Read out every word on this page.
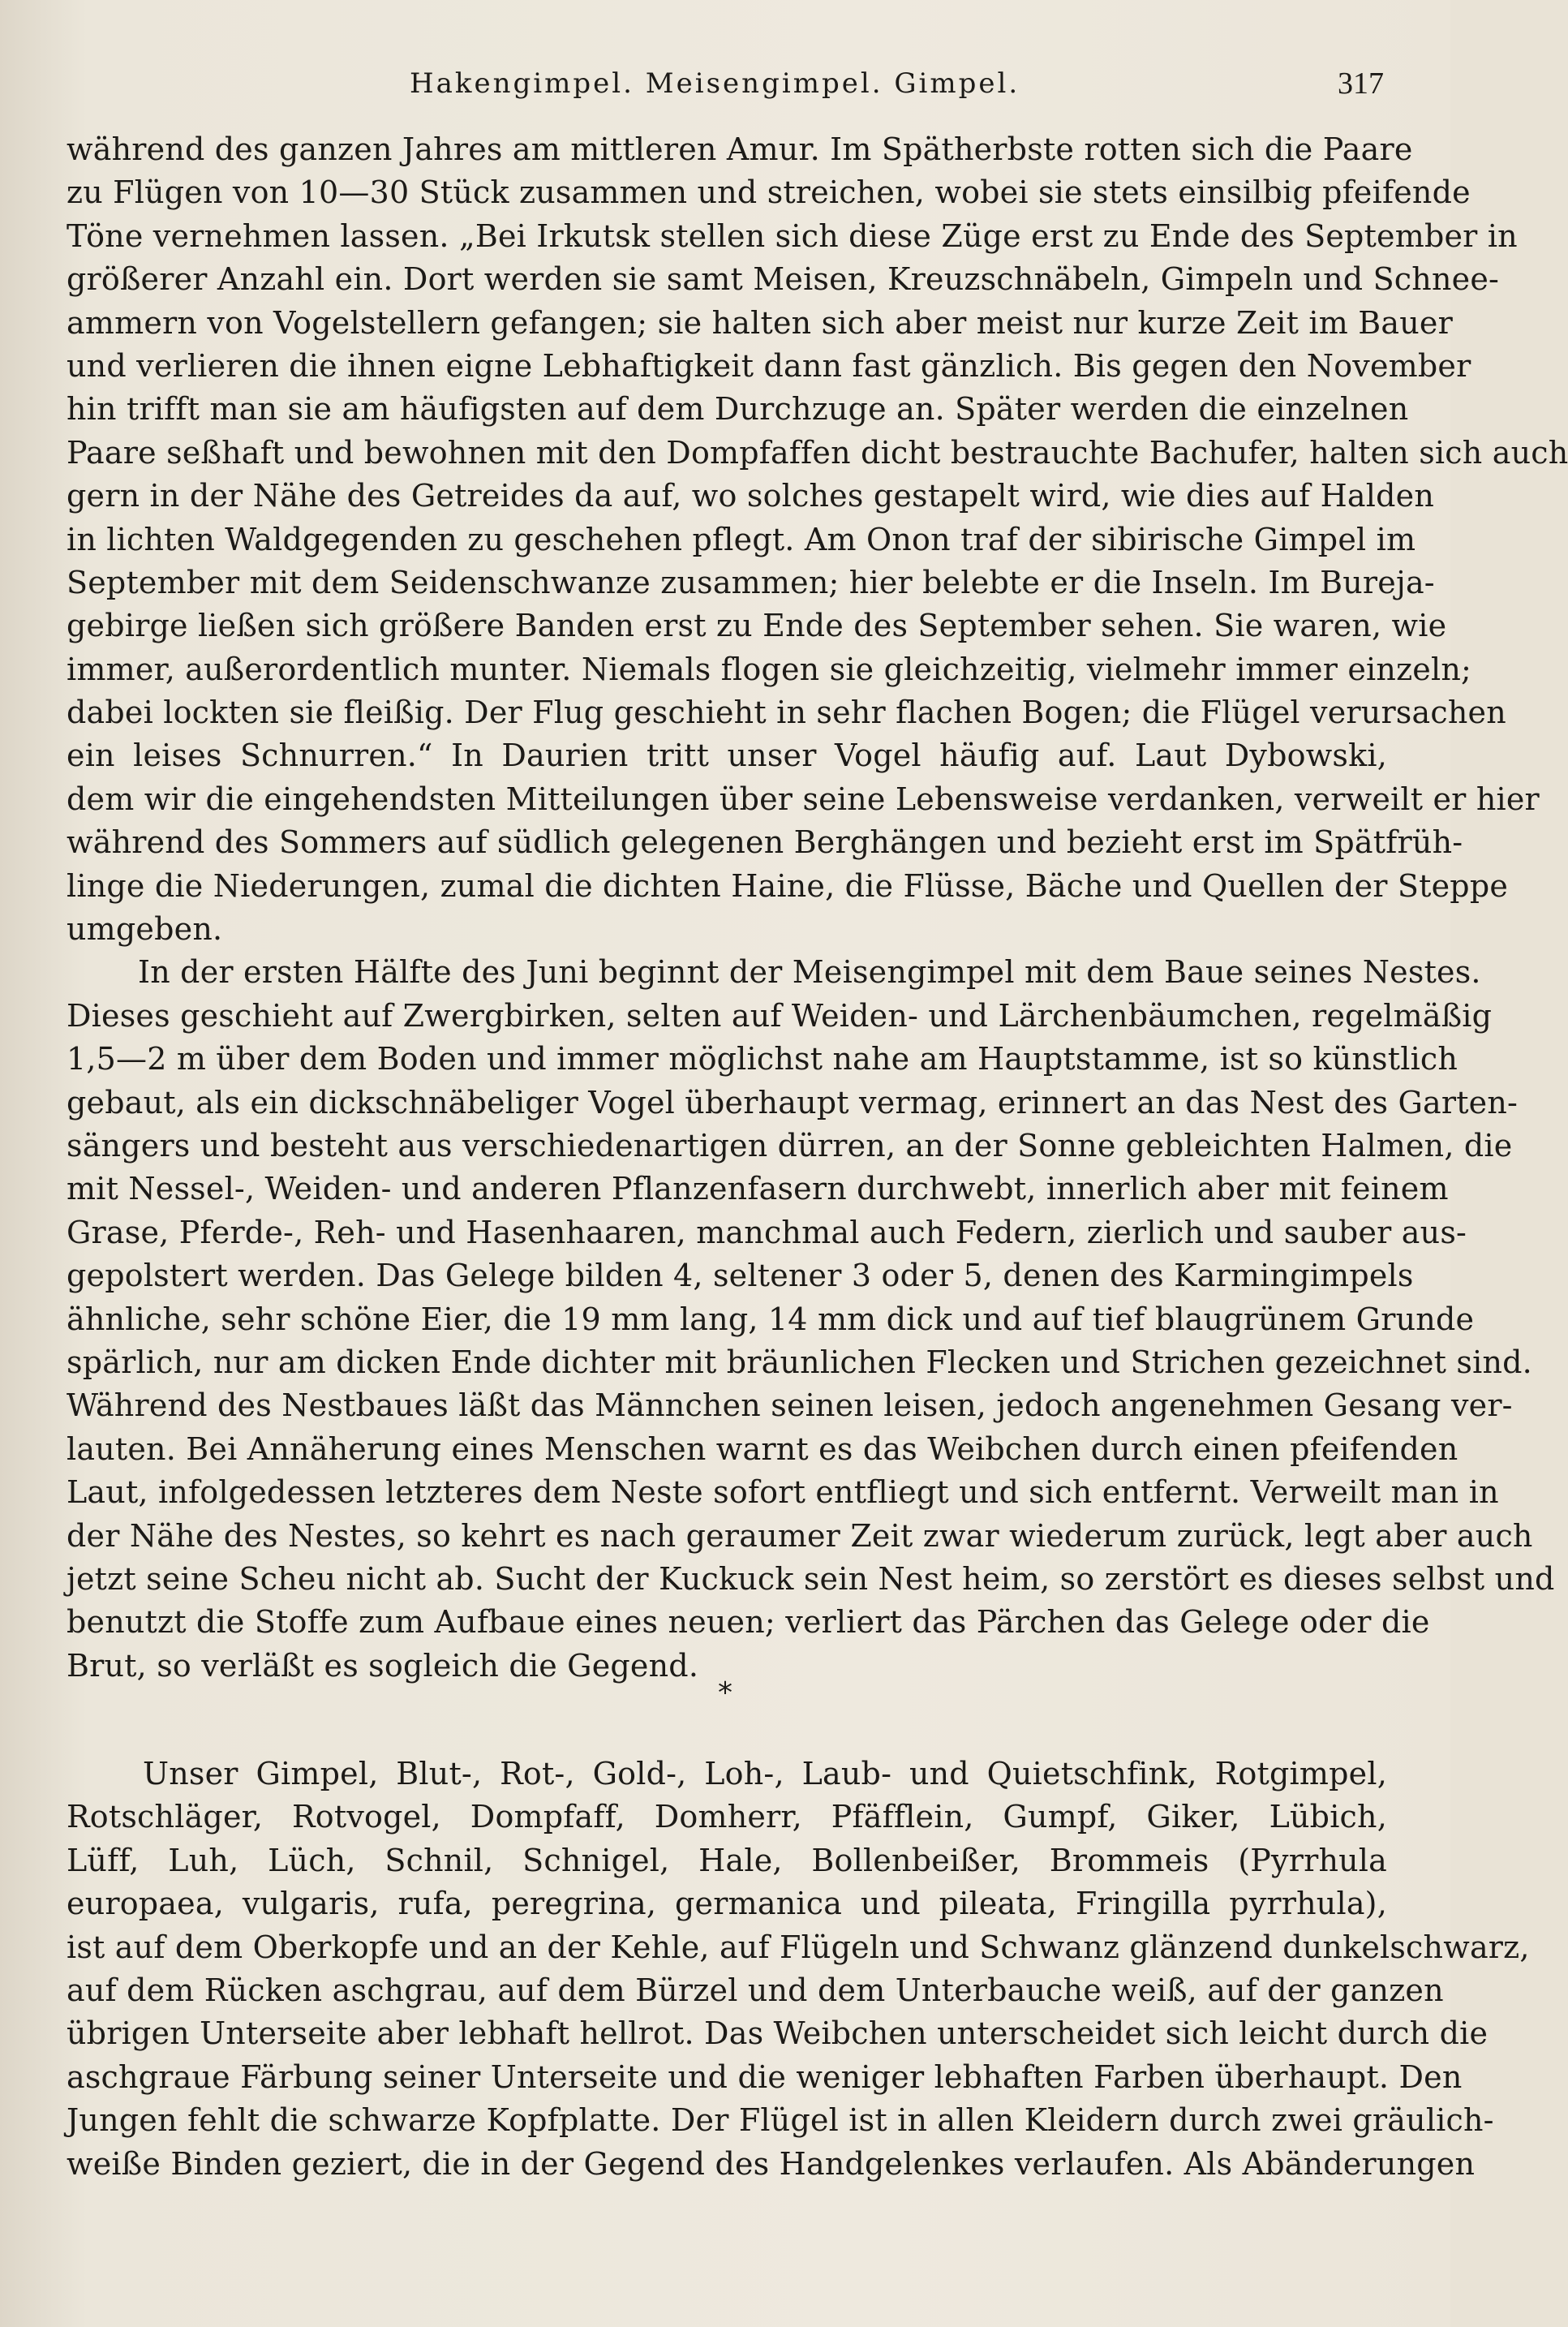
Hakengimpel. Meisengimpel. Gimpel.	317
während des ganzen Jahres am mittleren Amur. Im Spätherbste rotten sich die Paare
zu Flügen von 10—30 Stück zusammen und streichen, wobei sie stets einsilbig pfeifende
Töne vernehmen lassen. „Bei Irkutsk stellen sich diese Züge erst zu Ende des September in
größerer Anzahl ein. Dort werden sie samt Meisen, Kreuzschnäbeln, Gimpeln und Schnee-
ammern von Vogelstellern gefangen; sie halten sich aber meist nur kurze Zeit im Bauer
und verlieren die ihnen eigne Lebhaftigkeit dann fast gänzlich. Bis gegen den November
hin trifft man sie am häufigsten auf dem Durchzuge an. Später werden die einzelnen
Paare seßhaft und bewohnen mit den Dompfaffen dicht bestrauchte Bachufer, halten sich auch
gern in der Nähe des Getreides da auf, wo solches gestapelt wird, wie dies auf Halden
in lichten Waldgegenden zu geschehen pflegt. Am Onon traf der sibirische Gimpel im
September mit dem Seidenschwanze zusammen; hier belebte er die Inseln. Im Bureja-
gebirge ließen sich größere Banden erst zu Ende des September sehen. Sie waren, wie
immer, außerordentlich munter. Niemals flogen sie gleichzeitig, vielmehr immer einzeln;
dabei lockten sie fleißig. Der Flug geschieht in sehr flachen Bogen; die Flügel verursachen
ein leises Schnurren.“ In Daurien tritt unser Vogel häufig auf. Laut Dybowski,
dem wir die eingehendsten Mitteilungen über seine Lebensweise verdanken, verweilt er hier
während des Sommers auf südlich gelegenen Berghängen und bezieht erst im Spätfrüh-
linge die Niederungen, zumal die dichten Haine, die Flüsse, Bäche und Quellen der Steppe
umgeben.
In der ersten Hälfte des Juni beginnt der Meisengimpel mit dem Baue seines Nestes.
Dieses geschieht auf Zwergbirken, selten auf Weiden- und Lärchenbäumchen, regelmäßig
1,5—2 m über dem Boden und immer möglichst nahe am Hauptstamme, ist so künstlich
gebaut, als ein dickschnäbeliger Vogel überhaupt vermag, erinnert an das Nest des Garten-
sängers und besteht aus verschiedenartigen dürren, an der Sonne gebleichten Halmen, die
mit Nessel-, Weiden- und anderen Pflanzenfasern durchwebt, innerlich aber mit feinem
Grase, Pferde-, Reh- und Hasenhaaren, manchmal auch Federn, zierlich und sauber aus-
gepolstert werden. Das Gelege bilden 4, seltener 3 oder 5, denen des Karmingimpels
ähnliche, sehr schöne Eier, die 19 mm lang, 14 mm dick und auf tief blaugrünem Grunde
spärlich, nur am dicken Ende dichter mit bräunlichen Flecken und Strichen gezeichnet sind.
Während des Nestbaues läßt das Männchen seinen leisen, jedoch angenehmen Gesang ver-
lauten. Bei Annäherung eines Menschen warnt es das Weibchen durch einen pfeifenden
Laut, infolgedessen letzteres dem Neste sofort entfliegt und sich entfernt. Verweilt man in
der Nähe des Nestes, so kehrt es nach geraumer Zeit zwar wiederum zurück, legt aber auch
jetzt seine Scheu nicht ab. Sucht der Kuckuck sein Nest heim, so zerstört es dieses selbst und
benutzt die Stoffe zum Aufbaue eines neuen; verliert das Pärchen das Gelege oder die
Brut, so verläßt es sogleich die Gegend.
*
Unser Gimpel, Blut-, Rot-, Gold-, Loh-, Laub- und Quietschfink, Rotgimpel,
Rotschläger, Rotvogel, Dompfaff, Domherr, Pfäfflein, Gumpf, Giker, Lübich,
Lüff, Luh, Lüch, Schnil, Schnigel, Hale, Bollenbeißer, Brommeis (Pyrrhula
europaea, vulgaris, rufa, peregrina, germanica und pileata, Fringilla pyrrhula),
ist auf dem Oberkopfe und an der Kehle, auf Flügeln und Schwanz glänzend dunkelschwarz,
auf dem Rücken aschgrau, auf dem Bürzel und dem Unterbauche weiß, auf der ganzen
übrigen Unterseite aber lebhaft hellrot. Das Weibchen unterscheidet sich leicht durch die
aschgraue Färbung seiner Unterseite und die weniger lebhaften Farben überhaupt. Den
Jungen fehlt die schwarze Kopfplatte. Der Flügel ist in allen Kleidern durch zwei gräulich-
weiße Binden geziert, die in der Gegend des Handgelenkes verlaufen. Als Abänderungen
